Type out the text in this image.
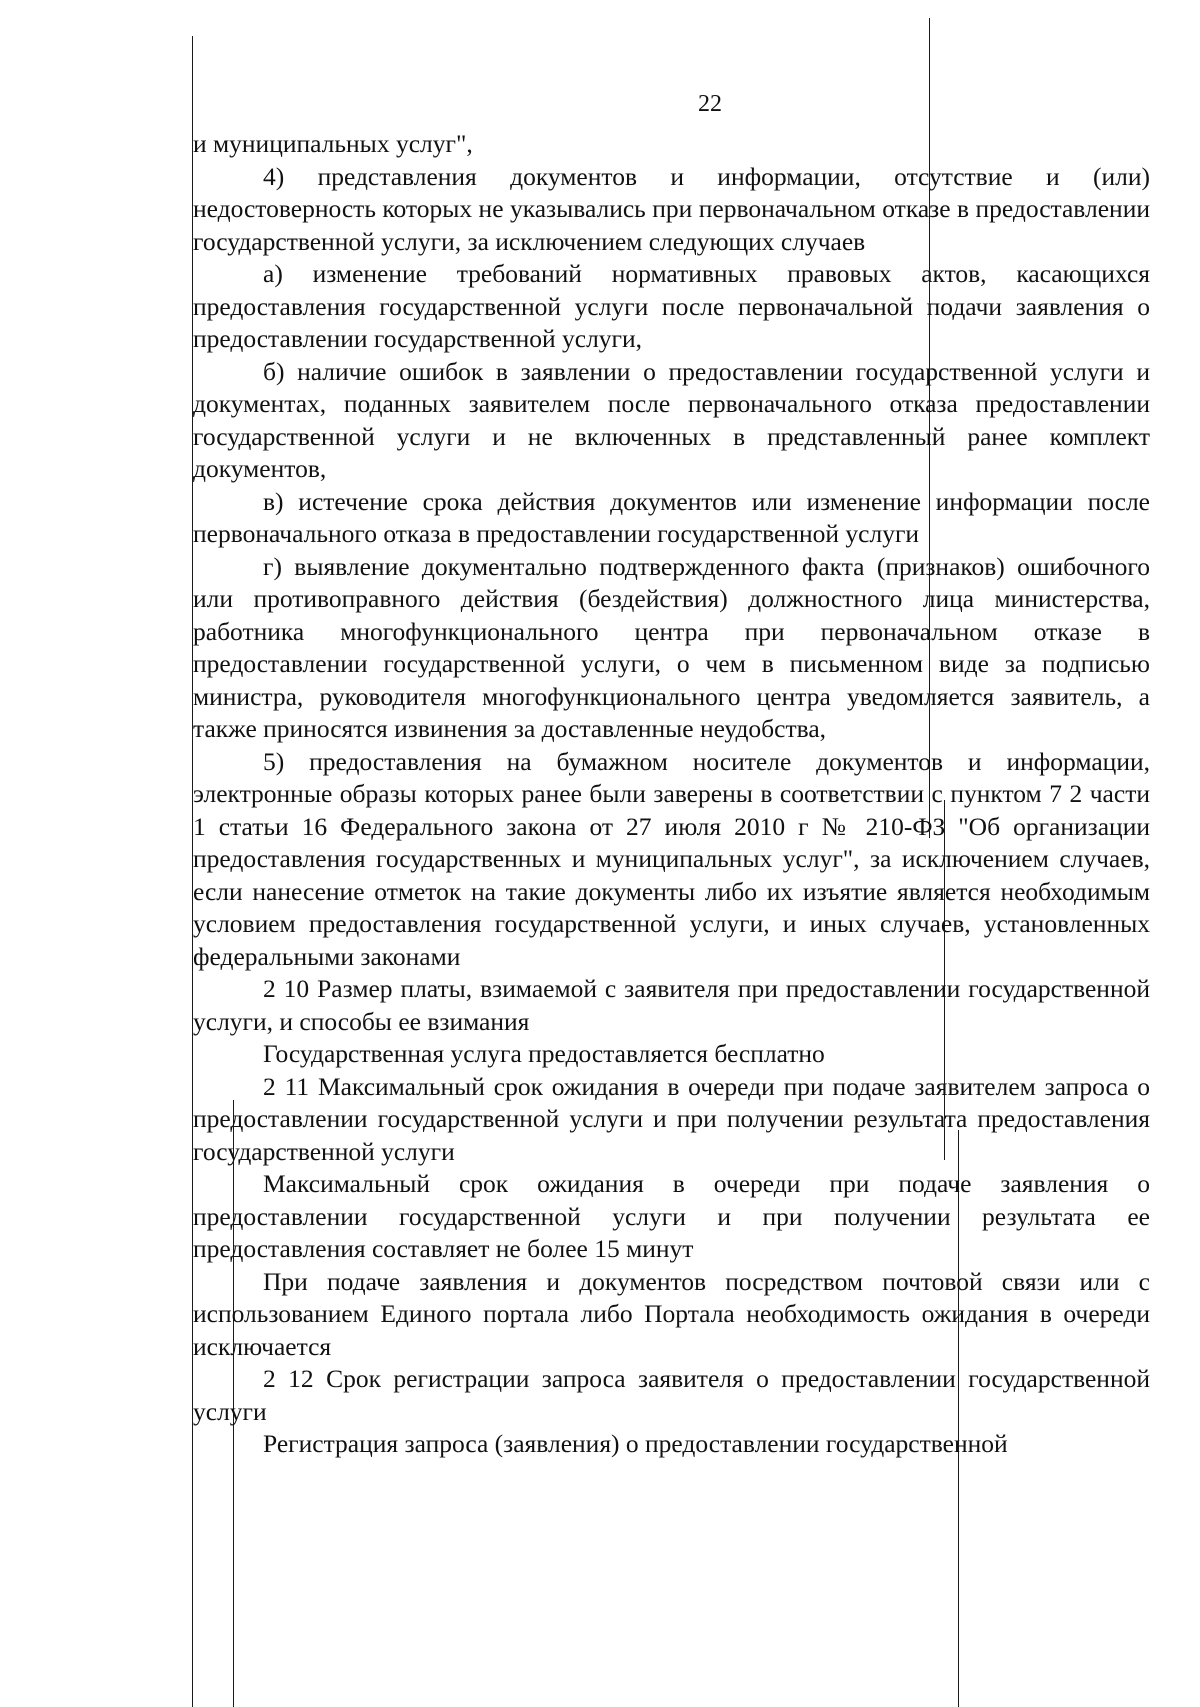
22

и муниципальных услуг",

4) представления документов и информации, отсутствие и (или) недостоверность которых не указывались при первоначальном отказе в предоставлении государственной услуги, за исключением следующих случаев

а) изменение требований нормативных правовых актов, касающихся предоставления государственной услуги после первоначальной подачи заявления о предоставлении государственной услуги,

б) наличие ошибок в заявлении о предоставлении государственной услуги и документах, поданных заявителем после первоначального отказа предоставлении государственной услуги и не включенных в представленный ранее комплект документов,

в) истечение срока действия документов или изменение информации после первоначального отказа в предоставлении государственной услуги

г) выявление документально подтвержденного факта (признаков) ошибочного или противоправного действия (бездействия) должностного лица министерства, работника многофункционального центра при первоначальном отказе в предоставлении государственной услуги, о чем в письменном виде за подписью министра, руководителя многофункционального центра уведомляется заявитель, а также приносятся извинения за доставленные неудобства,

5) предоставления на бумажном носителе документов и информации, электронные образы которых ранее были заверены в соответствии с пунктом 7 2 части 1 статьи 16 Федерального закона от 27 июля 2010 г № 210-ФЗ "Об организации предоставления государственных и муниципальных услуг", за исключением случаев, если нанесение отметок на такие документы либо их изъятие является необходимым условием предоставления государственной услуги, и иных случаев, установленных федеральными законами

2 10 Размер платы, взимаемой с заявителя при предоставлении государственной услуги, и способы ее взимания

Государственная услуга предоставляется бесплатно

2 11 Максимальный срок ожидания в очереди при подаче заявителем запроса о предоставлении государственной услуги и при получении результата предоставления государственной услуги

Максимальный срок ожидания в очереди при подаче заявления о предоставлении государственной услуги и при получении результата ее предоставления составляет не более 15 минут

При подаче заявления и документов посредством почтовой связи или с использованием Единого портала либо Портала необходимость ожидания в очереди исключается

2 12 Срок регистрации запроса заявителя о предоставлении государственной услуги

Регистрация запроса (заявления) о предоставлении государственной
